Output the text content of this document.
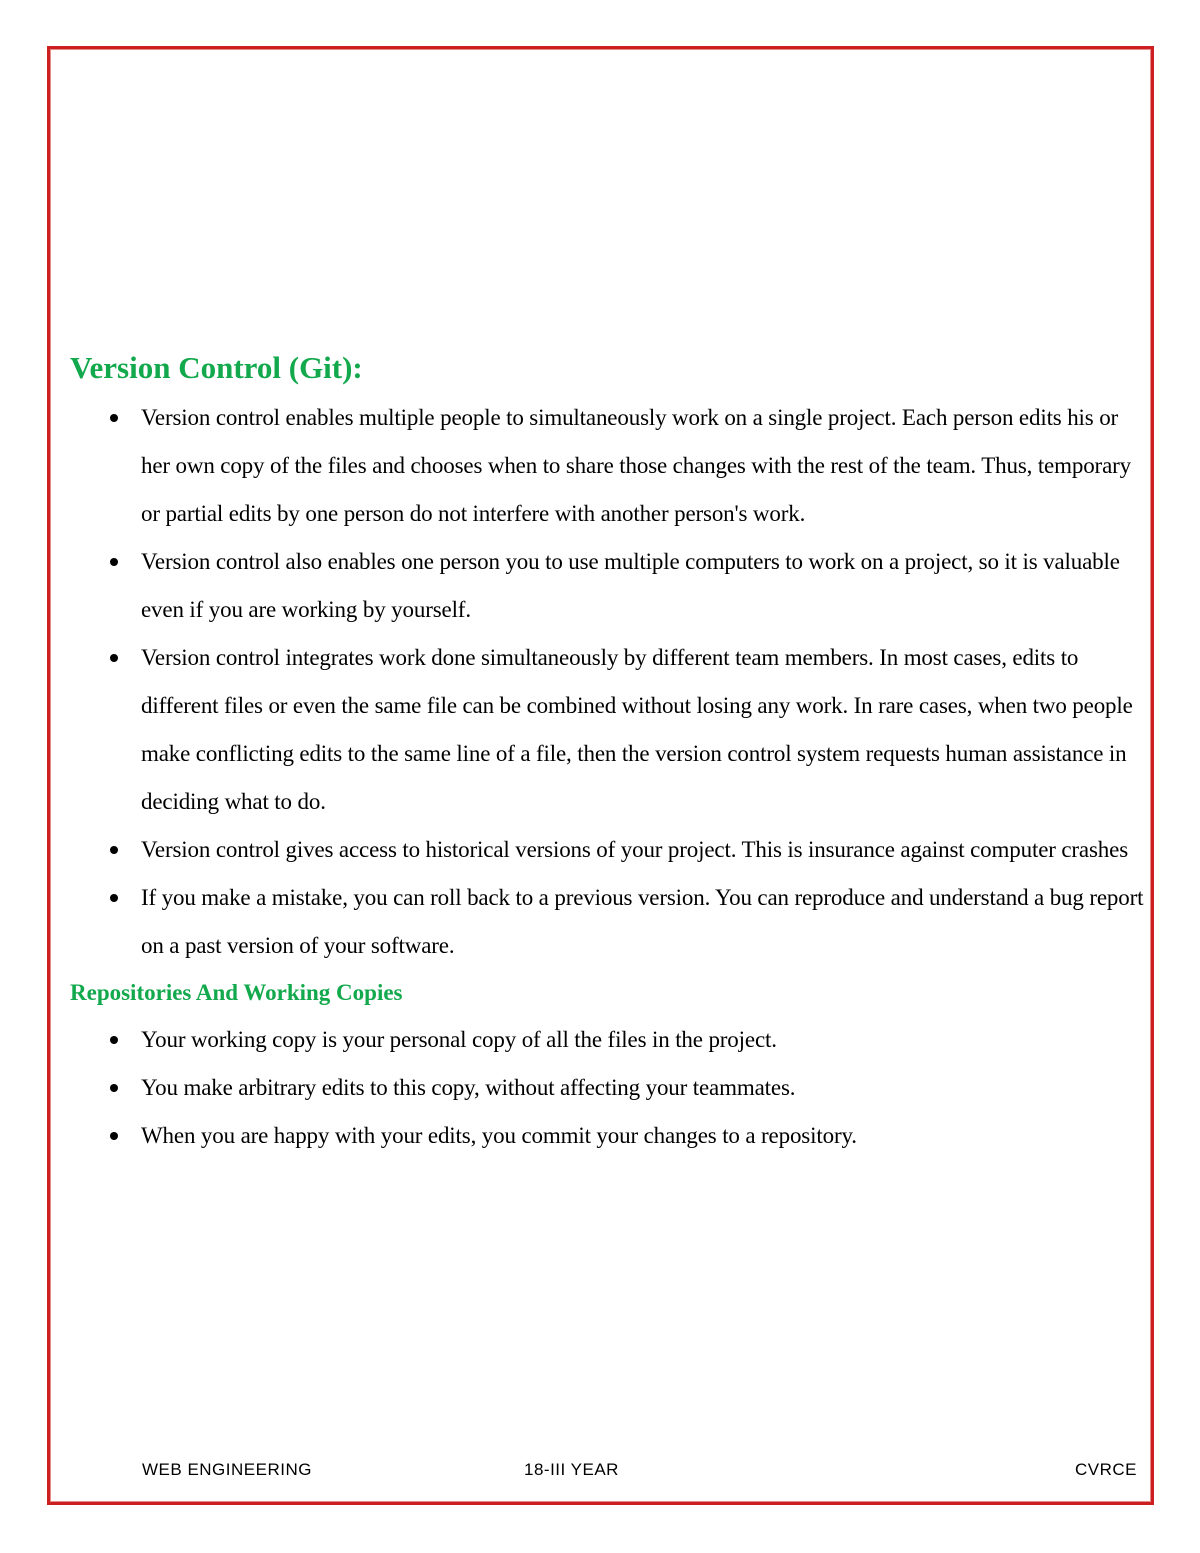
Version Control (Git):
Version control enables multiple people to simultaneously work on a single project. Each person edits his or her own copy of the files and chooses when to share those changes with the rest of the team. Thus, temporary or partial edits by one person do not interfere with another person's work.
Version control also enables one person you to use multiple computers to work on a project, so it is valuable even if you are working by yourself.
Version control integrates work done simultaneously by different team members. In most cases, edits to different files or even the same file can be combined without losing any work. In rare cases, when two people make conflicting edits to the same line of a file, then the version control system requests human assistance in deciding what to do.
Version control gives access to historical versions of your project. This is insurance against computer crashes
If you make a mistake, you can roll back to a previous version. You can reproduce and understand a bug report on a past version of your software.
Repositories And Working Copies
Your working copy is your personal copy of all the files in the project.
You make arbitrary edits to this copy, without affecting your teammates.
When you are happy with your edits, you commit your changes to a repository.
WEB ENGINEERING	18-III YEAR	CVRCE
